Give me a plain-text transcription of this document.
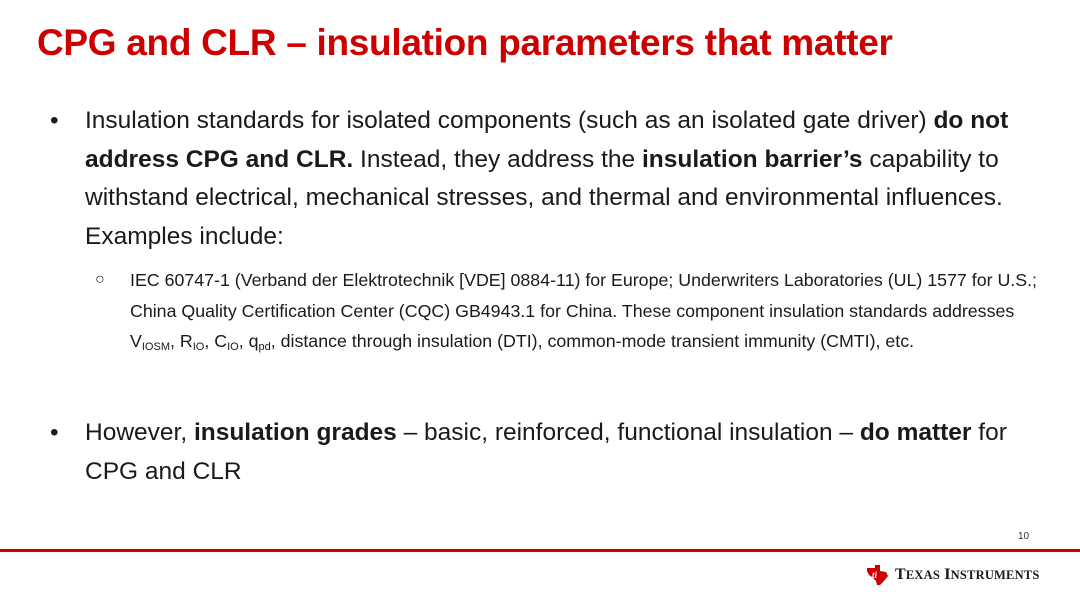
CPG and CLR – insulation parameters that matter
•	Insulation standards for isolated components (such as an isolated gate driver) do not address CPG and CLR. Instead, they address the insulation barrier’s capability to withstand electrical, mechanical stresses, and thermal and environmental influences. Examples include:
○ IEC 60747-1 (Verband der Elektrotechnik [VDE] 0884-11) for Europe; Underwriters Laboratories (UL) 1577 for U.S.; China Quality Certification Center (CQC) GB4943.1 for China. These component insulation standards addresses $V_{IOSM}$, $R_{IO}$, $C_{IO}$, $q_{pd}$, distance through insulation (DTI), common-mode transient immunity (CMTI), etc.
•	However, insulation grades – basic, reinforced, functional insulation – do matter for CPG and CLR
10
ti TEXAS INSTRUMENTS
